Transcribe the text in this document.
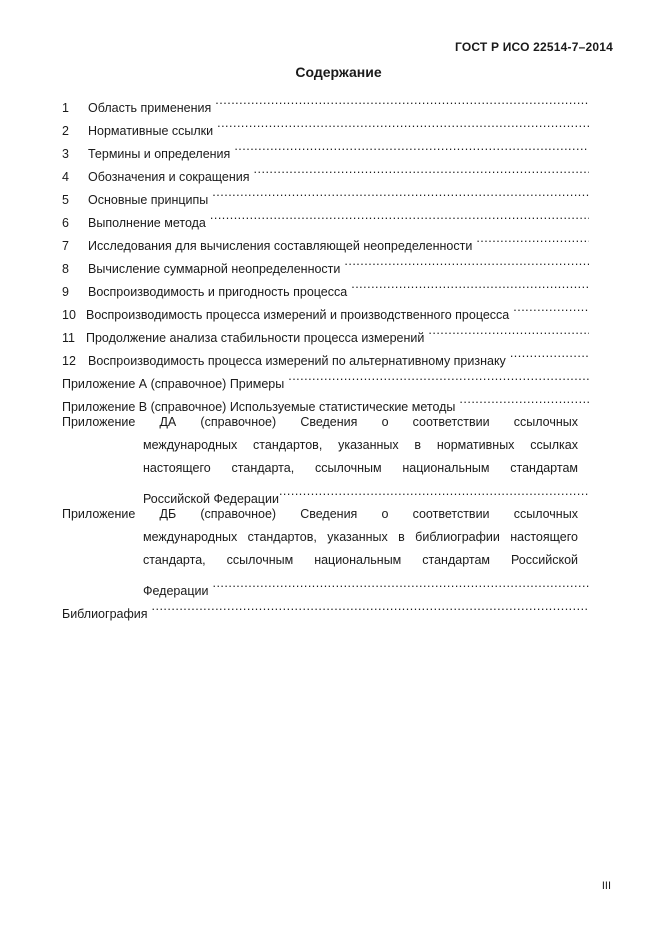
ГОСТ Р ИСО 22514-7–2014
Содержание
1	Область применения
.....
2	Нормативные ссылки
.....
3	Термины и определения
.....
4	Обозначения и сокращения
.....
5	Основные принципы
.....
6	Выполнение метода
.....
7	Исследования для вычисления составляющей неопределенности
.....
8	Вычисление суммарной неопределенности
.....
9	Воспроизводимость и пригодность процесса
.....
10 Воспроизводимость процесса измерений и производственного процесса
.....
11 Продолжение анализа стабильности процесса измерений
.....
12 Воспроизводимость процесса измерений по альтернативному признаку
.....
Приложение А (справочное) Примеры
.....
Приложение В (справочное) Используемые статистические методы
.....
Приложение ДА (справочное) Сведения о соответствии ссылочных
международных стандартов, указанных в нормативных ссылках
настоящего стандарта, ссылочным национальным стандартам
Российской Федерации
.....
Приложение ДБ (справочное) Сведения о соответствии ссылочных
международных стандартов, указанных в библиографии настоящего
стандарта, ссылочным национальным стандартам Российской
Федерации
.....
Библиография
.....
III
